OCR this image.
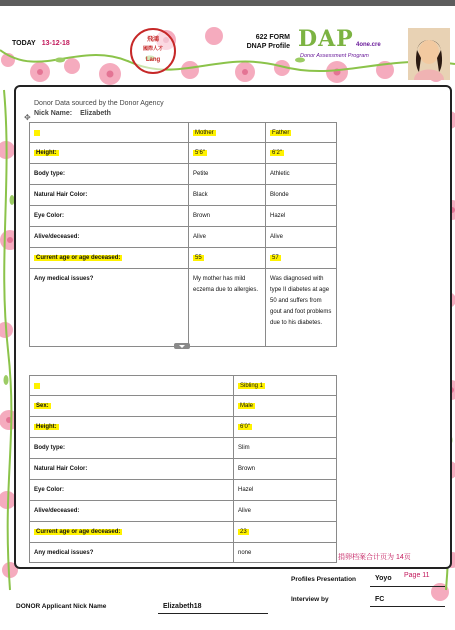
TODAY 13-12-18	飛鴻
國際人才
Lang
622 FORM
DNAP Profile DAP 4one.cre
Donor Assessment Program
✥
Donor Data sourced by the Donor Agency
Nick Name: Elizabeth
	Mother	Father
Height:	5'6"	6'2"
Body type:	Petite	Athletic
Natural Hair Color:	Black	Blonde
Eye Color:	Brown	Hazel
Alive/deceased:	Alive	Alive
Current age or age deceased:	55	57
Any medical issues?	My mother has mild eczema due to allergies.	Was diagnosed with type II diabetes at age 50 and suffers from gout and foot problems due to his diabetes.
	Sibling 1
Sex:	Male
Height:	6'0"
Body type:	Slim
Natural Hair Color:	Brown
Eye Color:	Hazel
Alive/deceased:	Alive
Current age or age deceased:	23
Any medical issues?	none
捐卵档案合计页为 14页
Profiles Presentation	Yoyo Page 11
Interview by	FC
DONOR Applicant Nick Name	Elizabeth18
